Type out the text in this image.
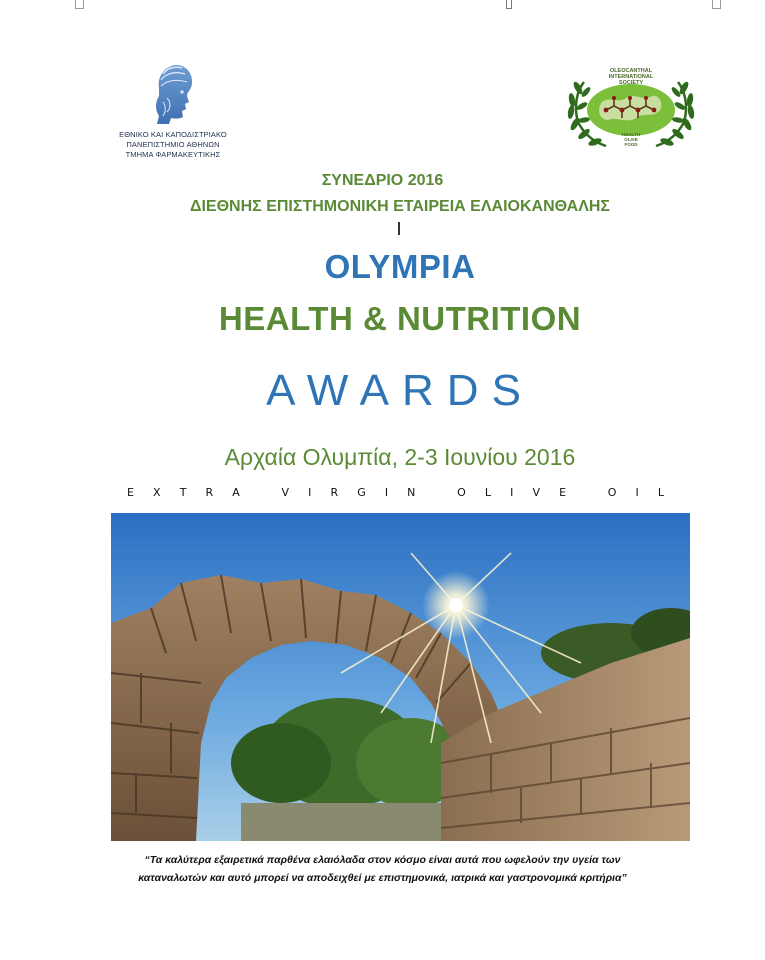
ΕΘΝΙΚΟ ΚΑΙ ΚΑΠΟΔΙΣΤΡΙΑΚΟ
ΠΑΝΕΠΙΣΤΗΜΙΟ ΑΘΗΝΩΝ
ΤΜΗΜΑ ΦΑΡΜΑΚΕΥΤΙΚΗΣ
OLEOCANTHAL
INTERNATIONAL
SOCIETY
HEALTH
OLIVE
FOOD
ΣΥΝΕΔΡΙΟ 2016
ΔΙΕΘΝΗΣ ΕΠΙΣΤΗΜΟΝΙΚΗ ΕΤΑΙΡΕΙΑ ΕΛΑΙΟΚΑΝΘΑΛΗΣ
OLYMPIA
HEALTH & NUTRITION
AWARDS
Αρχαία Ολυμπία, 2-3 Ιουνίου 2016
E X T R A
	V I R G I N
	O L I V E
	O I L
“Τα καλύτερα εξαιρετικά παρθένα ελαιόλαδα στον κόσμο είναι αυτά που ωφελούν την υγεία των
καταναλωτών και αυτό μπορεί να αποδειχθεί με επιστημονικά, ιατρικά και γαστρονομικά κριτήρια”
